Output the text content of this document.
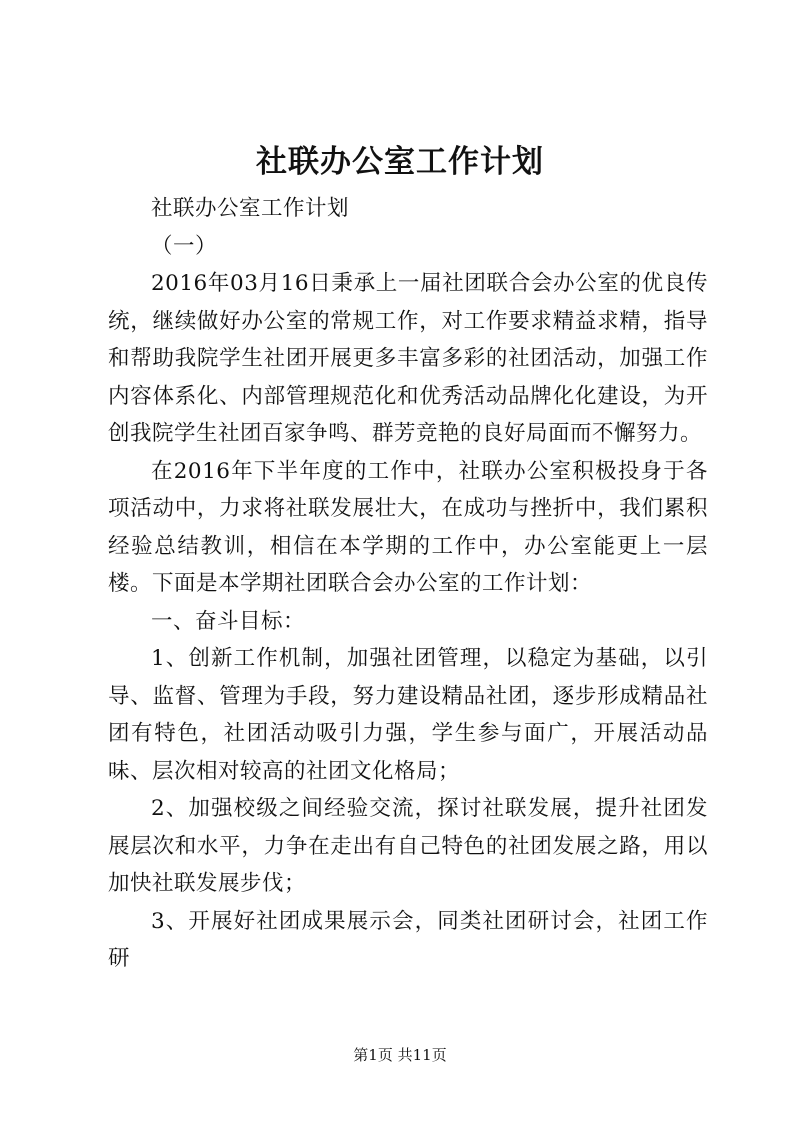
社联办公室工作计划

社联办公室工作计划

（一）

2016年03月16日秉承上一届社团联合会办公室的优良传统，继续做好办公室的常规工作，对工作要求精益求精，指导和帮助我院学生社团开展更多丰富多彩的社团活动，加强工作内容体系化、内部管理规范化和优秀活动品牌化化建设，为开创我院学生社团百家争鸣、群芳竞艳的良好局面而不懈努力。

在2016年下半年度的工作中，社联办公室积极投身于各项活动中，力求将社联发展壮大，在成功与挫折中，我们累积经验总结教训，相信在本学期的工作中，办公室能更上一层楼。下面是本学期社团联合会办公室的工作计划：

一、奋斗目标：

1、创新工作机制，加强社团管理，以稳定为基础，以引导、监督、管理为手段，努力建设精品社团，逐步形成精品社团有特色，社团活动吸引力强，学生参与面广，开展活动品味、层次相对较高的社团文化格局；

2、加强校级之间经验交流，探讨社联发展，提升社团发展层次和水平，力争在走出有自己特色的社团发展之路，用以加快社联发展步伐；

3、开展好社团成果展示会，同类社团研讨会，社团工作研

第1页 共11页
